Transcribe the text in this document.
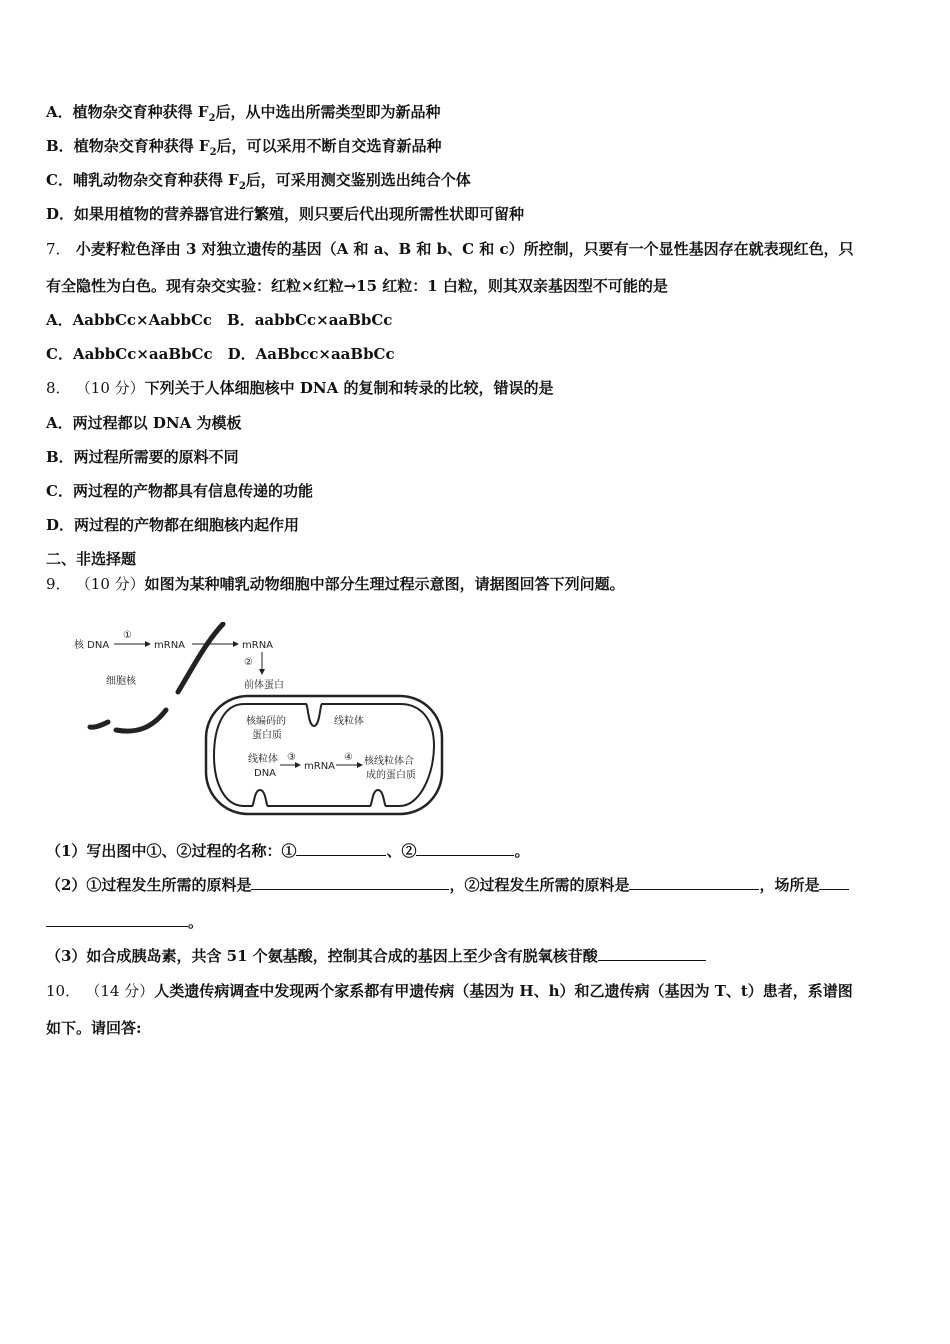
A．植物杂交育种获得 $F_2$后，从中选出所需类型即为新品种
B．植物杂交育种获得 $F_2$后，可以采用不断自交选育新品种
C．哺乳动物杂交育种获得 $F_2$后，可采用测交鉴别选出纯合个体
D．如果用植物的营养器官进行繁殖，则只要后代出现所需性状即可留种
7． 小麦籽粒色泽由 3 对独立遗传的基因（A 和 a、B 和 b、C 和 c）所控制，只要有一个显性基因存在就表现红色，只
有全隐性为白色。现有杂交实验：红粒×红粒→15 红粒：1 白粒，则其双亲基因型不可能的是
A．AabbCc×AabbCc　B．aabbCc×aaBbCc
C．AabbCc×aaBbCc　D．AaBbcc×aaBbCc
8． （10 分）下列关于人体细胞核中 DNA 的复制和转录的比较，错误的是
A．两过程都以 DNA 为模板
B．两过程所需要的原料不同
C．两过程的产物都具有信息传递的功能
D．两过程的产物都在细胞核内起作用
二、非选择题
9． （10 分）如图为某种哺乳动物细胞中部分生理过程示意图，请据图回答下列问题。
核 DNA
①
mRNA	mRNA
②
前体蛋白
细胞核
核编码的
蛋白质
线粒体
线粒体
DNA
③
mRNA
④ 核线粒体合
成的蛋白质
（1）写出图中①、②过程的名称：①	、②	。
（2）①过程发生所需的原料是	，②过程发生所需的原料是	，场所是
。
（3）如合成胰岛素，共含 51 个氨基酸，控制其合成的基因上至少含有脱氧核苷酸
10． （14 分）人类遗传病调查中发现两个家系都有甲遗传病（基因为 H、h）和乙遗传病（基因为 T、t）患者，系谱图
如下。请回答:
